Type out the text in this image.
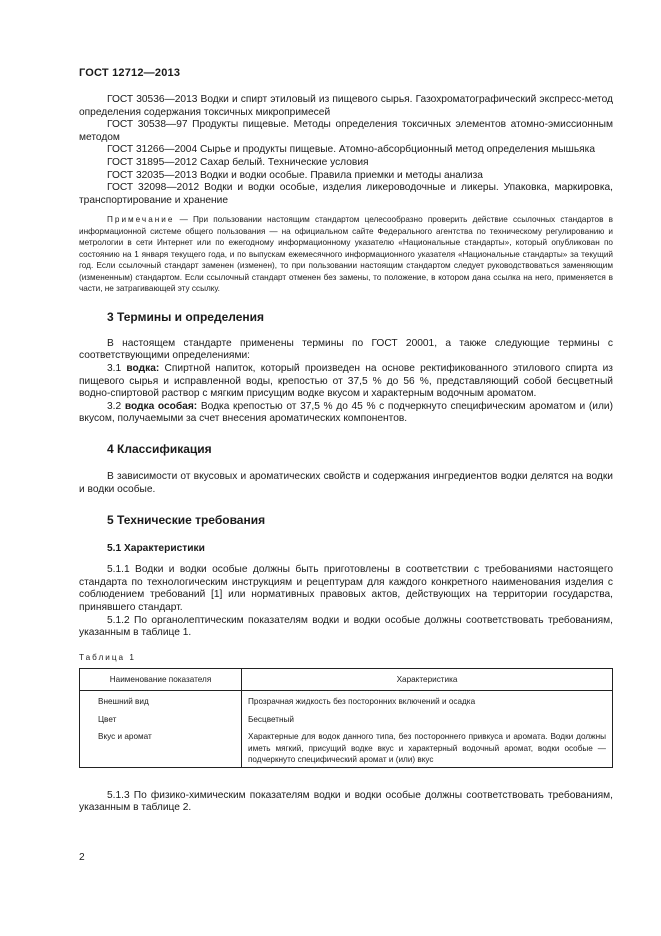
ГОСТ 12712—2013

ГОСТ 30536—2013 Водки и спирт этиловый из пищевого сырья. Газохроматографический экспресс-метод определения содержания токсичных микропримесей

ГОСТ 30538—97 Продукты пищевые. Методы определения токсичных элементов атомно-эмиссионным методом

ГОСТ 31266—2004 Сырье и продукты пищевые. Атомно-абсорбционный метод определения мышьяка

ГОСТ 31895—2012 Сахар белый. Технические условия

ГОСТ 32035—2013 Водки и водки особые. Правила приемки и методы анализа

ГОСТ 32098—2012 Водки и водки особые, изделия ликероводочные и ликеры. Упаковка, маркировка, транспортирование и хранение

Примечание — При пользовании настоящим стандартом целесообразно проверить действие ссылочных стандартов в информационной системе общего пользования — на официальном сайте Федерального агентства по техническому регулированию и метрологии в сети Интернет или по ежегодному информационному указателю «Национальные стандарты», который опубликован по состоянию на 1 января текущего года, и по выпускам ежемесячного информационного указателя «Национальные стандарты» за текущий год. Если ссылочный стандарт заменен (изменен), то при пользовании настоящим стандартом следует руководствоваться заменяющим (измененным) стандартом. Если ссылочный стандарт отменен без замены, то положение, в котором дана ссылка на него, применяется в части, не затрагивающей эту ссылку.

3 Термины и определения

В настоящем стандарте применены термины по ГОСТ 20001, а также следующие термины с соответствующими определениями:

3.1 водка: Спиртной напиток, который произведен на основе ректификованного этилового спирта из пищевого сырья и исправленной воды, крепостью от 37,5 % до 56 %, представляющий собой бесцветный водно-спиртовой раствор с мягким присущим водке вкусом и характерным водочным ароматом.

3.2 водка особая: Водка крепостью от 37,5 % до 45 % с подчеркнуто специфическим ароматом и (или) вкусом, получаемыми за счет внесения ароматических компонентов.

4 Классификация

В зависимости от вкусовых и ароматических свойств и содержания ингредиентов водки делятся на водки и водки особые.

5 Технические требования
5.1 Характеристики

5.1.1 Водки и водки особые должны быть приготовлены в соответствии с требованиями настоящего стандарта по технологическим инструкциям и рецептурам для каждого конкретного наименования изделия с соблюдением требований [1] или нормативных правовых актов, действующих на территории государства, принявшего стандарт.

5.1.2 По органолептическим показателям водки и водки особые должны соответствовать требованиям, указанным в таблице 1.

Таблица 1
Наименование показателя	Характеристика
Внешний вид	Прозрачная жидкость без посторонних включений и осадка
Цвет	Бесцветный
Вкус и аромат	Характерные для водок данного типа, без постороннего привкуса и аромата. Водки должны иметь мягкий, присущий водке вкус и характерный водочный аромат, водки особые — подчеркнуто специфический аромат и (или) вкус

5.1.3 По физико-химическим показателям водки и водки особые должны соответствовать требованиям, указанным в таблице 2.

2
